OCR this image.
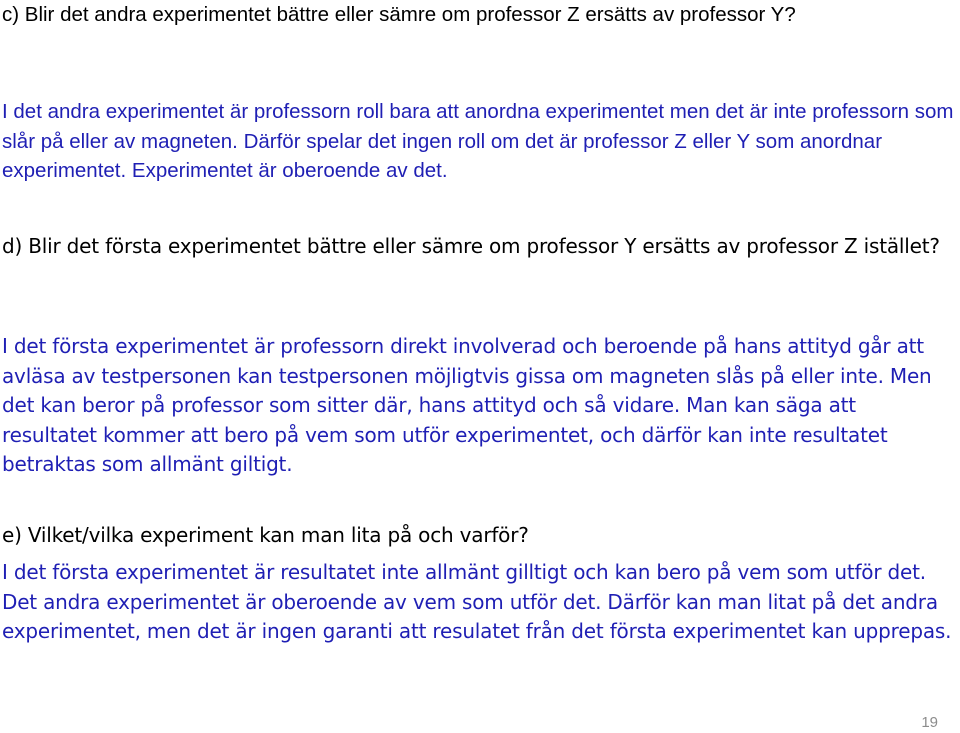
c) Blir det andra experimentet bättre eller sämre om professor Z ersätts av professor Y?

I det andra experimentet är professorn roll bara att anordna experimentet men det är inte professorn som slår på eller av magneten. Därför spelar det ingen roll om det är professor Z eller Y som anordnar experimentet. Experimentet är oberoende av det.

d) Blir det första experimentet bättre eller sämre om professor Y ersätts av professor Z istället?

I det första experimentet är professorn direkt involverad och beroende på hans attityd går att avläsa av testpersonen kan testpersonen möjligtvis gissa om magneten slås på eller inte. Men det kan beror på professor som sitter där, hans attityd och så vidare. Man kan säga att resultatet kommer att bero på vem som utför experimentet, och därför kan inte resultatet betraktas som allmänt giltigt.

e) Vilket/vilka experiment kan man lita på och varför?

I det första experimentet är resultatet inte allmänt gilltigt och kan bero på vem som utför det. Det andra experimentet är oberoende av vem som utför det. Därför kan man litat på det andra experimentet, men det är ingen garanti att resulatet från det första experimentet kan upprepas.

19
